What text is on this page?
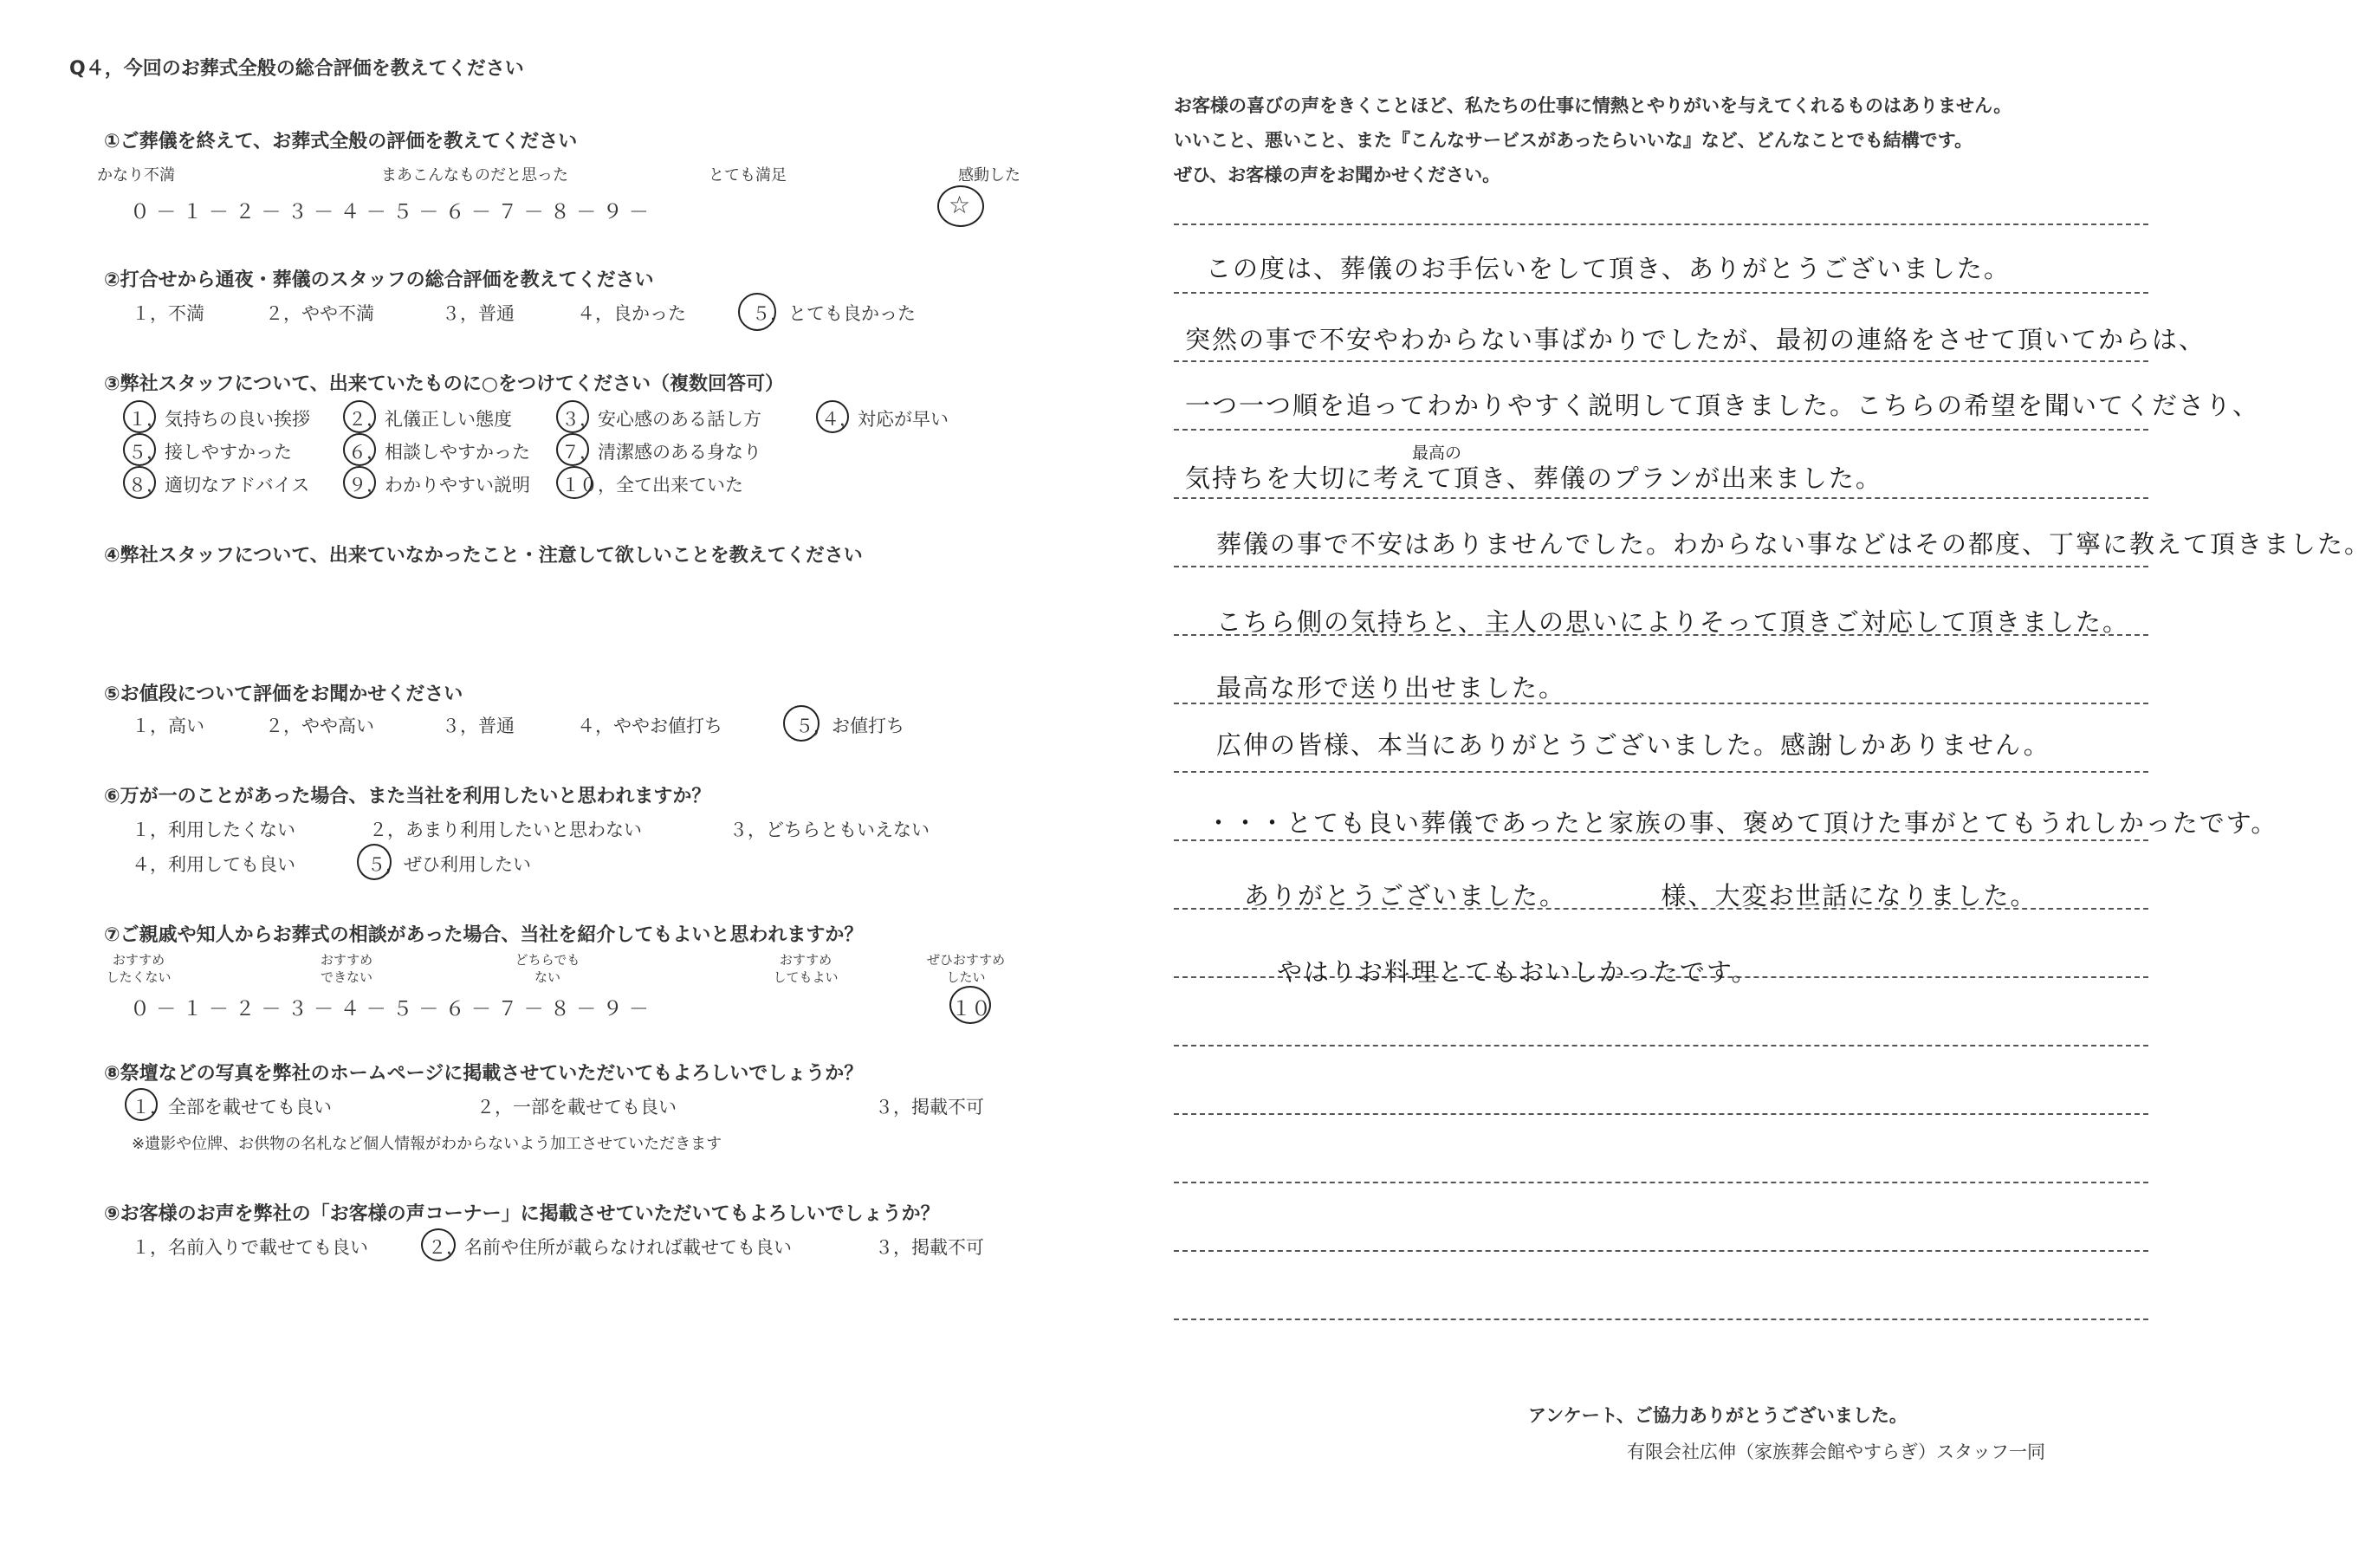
Q４，今回のお葬式全般の総合評価を教えてください
①ご葬儀を終えて、お葬式全般の評価を教えてください
かなり不満	まあこんなものだと思った	とても満足	感動した
０ － １ － ２ － ３ － ４ － ５ － ６ － ７ － ８ － ９ －	☆
②打合せから通夜・葬儀のスタッフの総合評価を教えてください
１，不満	２，やや不満	３，普通	４，良かった	５，とても良かった
③弊社スタッフについて、出来ていたものに○をつけてください（複数回答可）
１，気持ちの良い挨拶 ２，礼儀正しい態度	３，安心感のある話し方	４，対応が早い
５，接しやすかった	６，相談しやすかった ７，清潔感のある身なり
８，適切なアドバイス ９，わかりやすい説明 １０，全て出来ていた
④弊社スタッフについて、出来ていなかったこと・注意して欲しいことを教えてください
⑤お値段について評価をお聞かせください
１，高い	２，やや高い	３，普通	４，ややお値打ち	５，お値打ち
⑥万が一のことがあった場合、また当社を利用したいと思われますか？
１，利用したくない	２，あまり利用したいと思わない	３，どちらともいえない
４，利用しても良い	５，ぜひ利用したい
⑦ご親戚や知人からお葬式の相談があった場合、当社を紹介してもよいと思われますか？
おすすめ
したくない
おすすめ
できない
どちらでも
ない
おすすめ
してもよい
ぜひおすすめ
したい
０ － １ － ２ － ３ － ４ － ５ － ６ － ７ － ８ － ９ －	１０
⑧祭壇などの写真を弊社のホームページに掲載させていただいてもよろしいでしょうか？
１，全部を載せても良い	２，一部を載せても良い	３，掲載不可
※遺影や位牌、お供物の名札など個人情報がわからないよう加工させていただきます
⑨お客様のお声を弊社の「お客様の声コーナー」に掲載させていただいてもよろしいでしょうか？
１，名前入りで載せても良い	２，名前や住所が載らなければ載せても良い	３，掲載不可
お客様の喜びの声をきくことほど、私たちの仕事に情熱とやりがいを与えてくれるものはありません。
いいこと、悪いこと、また『こんなサービスがあったらいいな』など、どんなことでも結構です。
ぜひ、お客様の声をお聞かせください。
この度は、葬儀のお手伝いをして頂き、ありがとうございました。
突然の事で不安やわからない事ばかりでしたが、最初の連絡をさせて頂いてからは、
一つ一つ順を追ってわかりやすく説明して頂きました。こちらの希望を聞いてくださり、
最高の
気持ちを大切に考えて頂き、葬儀のプランが出来ました。
葬儀の事で不安はありませんでした。わからない事などはその都度、丁寧に教えて頂きました。
こちら側の気持ちと、主人の思いによりそって頂きご対応して頂きました。
最高な形で送り出せました。
広伸の皆様、本当にありがとうございました。感謝しかありません。
・・・とても良い葬儀であったと家族の事、褒めて頂けた事がとてもうれしかったです。
ありがとうございました。　　　　様、大変お世話になりました。
やはりお料理とてもおいしかったです。
アンケート、ご協力ありがとうございました。
有限会社広伸（家族葬会館やすらぎ）スタッフ一同
